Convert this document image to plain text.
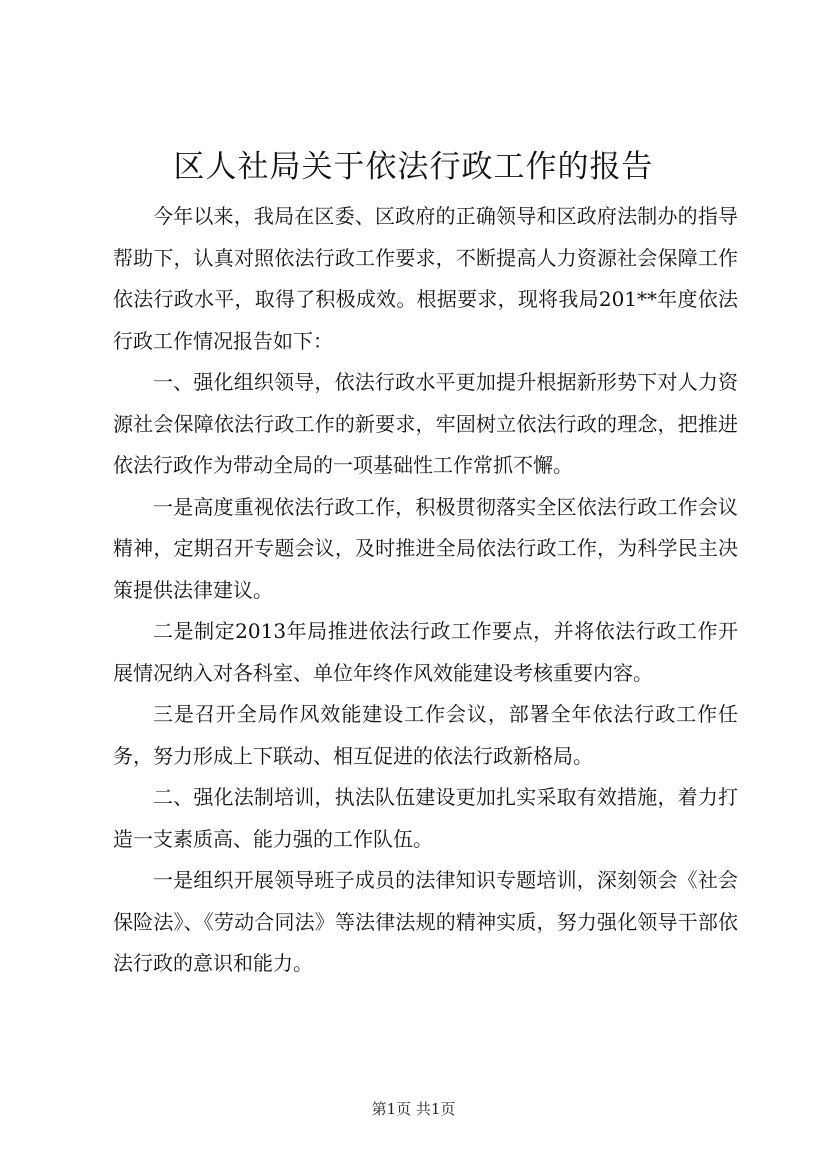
区人社局关于依法行政工作的报告

今年以来，我局在区委、区政府的正确领导和区政府法制办的指导帮助下，认真对照依法行政工作要求，不断提高人力资源社会保障工作依法行政水平，取得了积极成效。根据要求，现将我局201**年度依法行政工作情况报告如下：

一、强化组织领导，依法行政水平更加提升根据新形势下对人力资源社会保障依法行政工作的新要求，牢固树立依法行政的理念，把推进依法行政作为带动全局的一项基础性工作常抓不懈。

一是高度重视依法行政工作，积极贯彻落实全区依法行政工作会议精神，定期召开专题会议，及时推进全局依法行政工作，为科学民主决策提供法律建议。

二是制定2013年局推进依法行政工作要点，并将依法行政工作开展情况纳入对各科室、单位年终作风效能建设考核重要内容。

三是召开全局作风效能建设工作会议，部署全年依法行政工作任务，努力形成上下联动、相互促进的依法行政新格局。

二、强化法制培训，执法队伍建设更加扎实采取有效措施，着力打造一支素质高、能力强的工作队伍。

一是组织开展领导班子成员的法律知识专题培训，深刻领会《社会保险法》、《劳动合同法》等法律法规的精神实质，努力强化领导干部依法行政的意识和能力。

第1页 共1页
